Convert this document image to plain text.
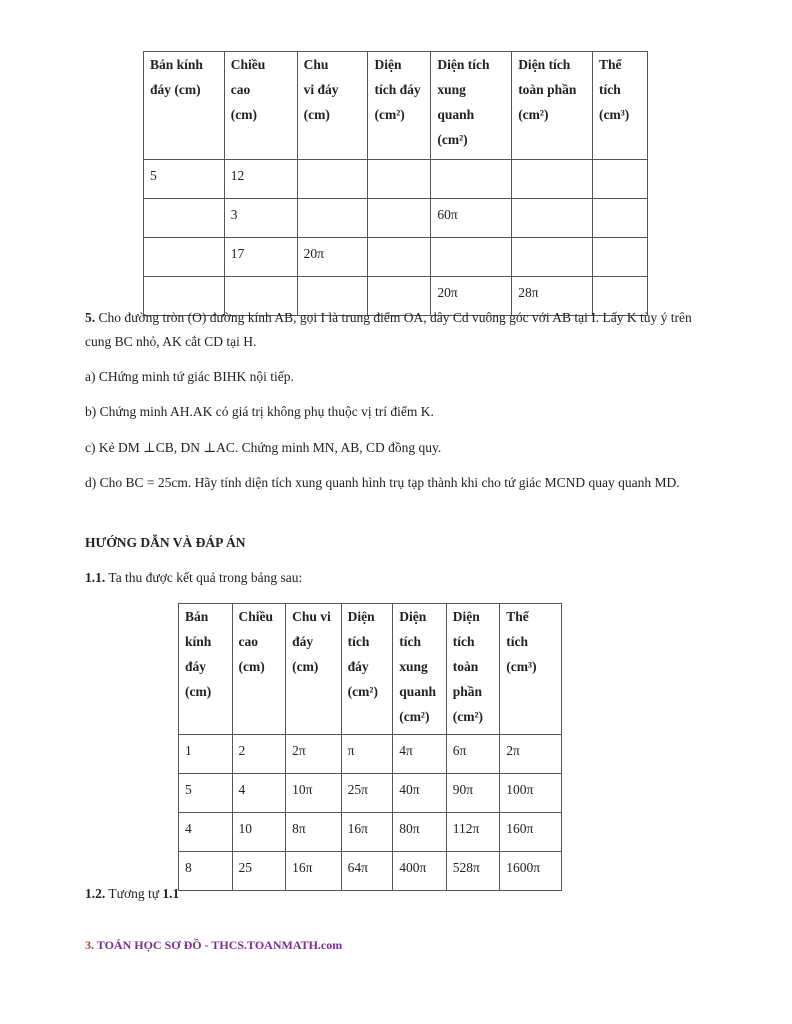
Bán kính
đáy (cm)	Chiều
cao
(cm)	Chu
vi đáy
(cm)	Diện
tích đáy
(cm²)	Diện tích
xung
quanh
(cm²)	Diện tích
toàn phần
(cm²)	Thể
tích
(cm³)

5	12					
	3			60π		
	17	20π				
				20π	28π	

5. Cho đường tròn (O) đường kính AB, gọi I là trung điểm OA, dây Cd vuông góc với AB tại I. Lấy K tùy ý trên cung BC nhỏ, AK cắt CD tại H.

a) CHứng minh tứ giác BIHK nội tiếp.

b) Chứng minh AH.AK có giá trị không phụ thuộc vị trí điểm K.

c) Kẻ DM ⊥CB, DN ⊥AC. Chứng minh MN, AB, CD đồng quy.

d) Cho BC = 25cm. Hãy tính diện tích xung quanh hình trụ tạp thành khi cho tứ giác MCND quay quanh MD.

HƯỚNG DẪN VÀ ĐÁP ÁN

1.1. Ta thu được kết quả trong bảng sau:

Bán
kính
đáy
(cm)	Chiều
cao
(cm)	Chu vi
đáy
(cm)	Diện
tích
đáy
(cm²)	Diện
tích
xung
quanh
(cm²)	Diện
tích
toàn
phần
(cm²)	Thể
tích
(cm³)

1	2	2π	π	4π	6π	2π
5	4	10π	25π	40π	90π	100π
4	10	8π	16π	80π	112π	160π
8	25	16π	64π	400π	528π	1600π

1.2. Tương tự 1.1

3. TOÁN HỌC SƠ ĐỒ - THCS.TOANMATH.com
